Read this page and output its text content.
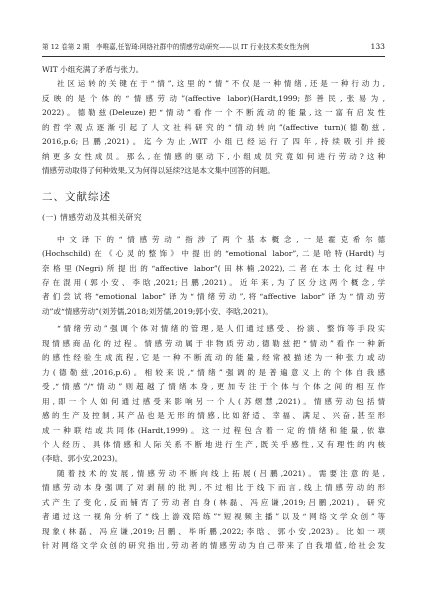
第 12 卷第 2 期 李唯嘉,任智琦:网络社群中的情感劳动研究——以 IT 行业技术类女性为例	133

WIT 小组充满了矛盾与张力。

社区运转的关键在于“情”,这里的“情”不仅是一种情绪,还是一种行动力,

反映的是个体的“情感劳动”(affective labor)(Hardt,1999;彭善民,张易为,

2022)。德勒兹(Deleuze)把“情动”看作一个不断流动的能量,这一富有启发性

的哲学观点逐渐引起了人文社科研究的“情动转向”(affective turn)(德勒兹,

2016,p.6;吕鹏,2021)。迄今为止,WIT 小组已经运行了四年,持续吸引并接

纳更多女性成员。那么,在情感的驱动下,小组成员究竟如何进行劳动?这种

情感劳动取得了何种效果,又为何得以延续?这是本文集中回答的问题。

二、文献综述
(一) 情感劳动及其相关研究

中文译下的“情感劳动”指涉了两个基本概念,一是霍克希尔德

(Hochschild)在《心灵的整饰》中提出的“emotional labor”,二是哈特(Hardt)与

奈格里(Negri)所提出的“affective labor”(田林楠,2022),二者在本土化过程中

存在混用(郭小安、李晗,2021;吕鹏,2021)。近年来,为了区分这两个概念,学

者们尝试将“emotional labor”译为“情绪劳动”,将“affective labor”译为“情动劳

动”或“情感劳动”(刘芳儒,2018;刘芳儒,2019;郭小安、李晗,2021)。

“情绪劳动”强调个体对情绪的管理,是人们通过感受、扮演、整饰等手段实

现情感商品化的过程。情感劳动属于非物质劳动,德勒兹把“情动”看作一种新

的感性经验生成流程,它是一种不断流动的能量,经常被描述为一种张力或动

力(德勒兹,2016,p.6)。相较来说,“情绪”强调的是普遍意义上的个体自我感

受,“情感”/“情动”则超越了情绪本身,更加专注于个体与个体之间的相互作

用,即一个人如何通过感受来影响另一个人(苏熠慧,2021)。情感劳动包括情

感的生产及控制,其产品也是无形的情感,比如舒适、幸福、满足、兴奋,甚至形

成一种联结或共同体(Hardt,1999)。这一过程包含着一定的情绪和能量,依靠

个人经历、具体情感和人际关系不断地进行生产,既关乎感性,又有理性的内核

(李晗、郭小安,2023)。

随着技术的发展,情感劳动不断向线上拓展(吕鹏,2021)。需要注意的是,

情感劳动本身强调了对剥削的批判,不过相比于线下而言,线上情感劳动的形

式产生了变化,反而铺宵了劳动者自身(林磊、冯应谦,2019;吕鹏,2021)。研究

者通过这一视角分析了“线上游戏陪练”“短视频主播”以及“网络文学众创”等

现象(林磊、冯应谦,2019;吕鹏、毕昕鹏,2022;李晗、郭小安,2023)。比如一项

针对网络文学众创的研究指出,劳动者的情感劳动为自己带来了自我增值,给社会发
